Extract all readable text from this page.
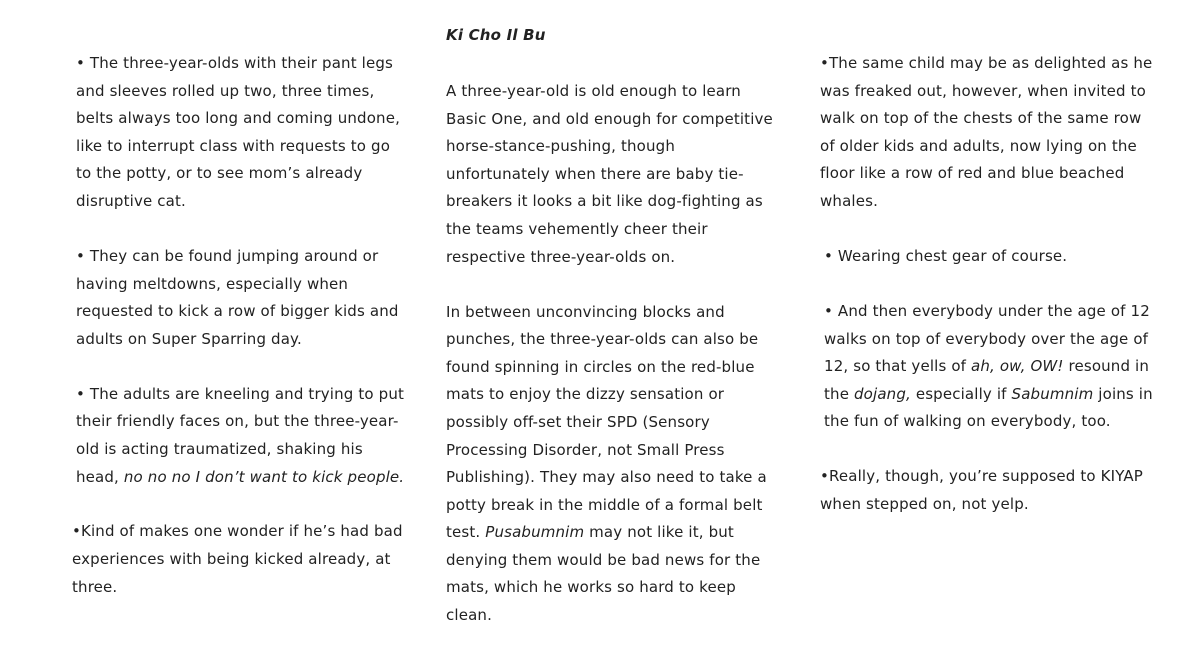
Ki Cho Il Bu

• The three-year-olds with their pant legs and sleeves rolled up two, three times, belts always too long and coming undone, like to interrupt class with requests to go to the potty, or to see mom’s already disruptive cat.

• They can be found jumping around or having meltdowns, especially when requested to kick a row of bigger kids and adults on Super Sparring day.

• The adults are kneeling and trying to put their friendly faces on, but the three-year-old is acting traumatized, shaking his head, no no no I don’t want to kick people.

•Kind of makes one wonder if he’s had bad experiences with being kicked already, at three.

A three-year-old is old enough to learn Basic One, and old enough for competitive horse-stance-pushing, though unfortunately when there are baby tie-breakers it looks a bit like dog-fighting as the teams vehemently cheer their respective three-year-olds on.

In between unconvincing blocks and punches, the three-year-olds can also be found spinning in circles on the red-blue mats to enjoy the dizzy sensation or possibly off-set their SPD (Sensory Processing Disorder, not Small Press Publishing). They may also need to take a potty break in the middle of a formal belt test. Pusabumnim may not like it, but denying them would be bad news for the mats, which he works so hard to keep clean.

•The same child may be as delighted as he was freaked out, however, when invited to walk on top of the chests of the same row of older kids and adults, now lying on the floor like a row of red and blue beached whales.

• Wearing chest gear of course.

• And then everybody under the age of 12 walks on top of everybody over the age of 12, so that yells of ah, ow, OW! resound in the dojang, especially if Sabumnim joins in the fun of walking on everybody, too.

•Really, though, you’re supposed to KIYAP when stepped on, not yelp.
